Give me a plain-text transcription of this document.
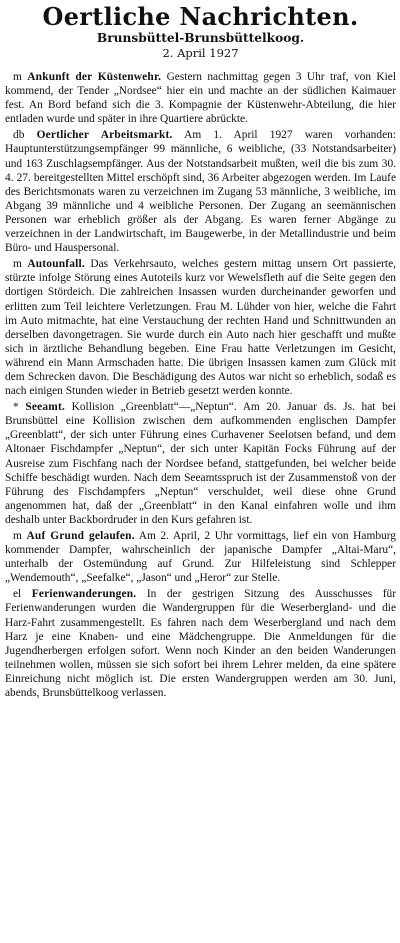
Oertliche Nachrichten.
Brunsbüttel-Brunsbüttelkoog.
2. April 1927

m Ankunft der Küstenwehr. Gestern nachmittag gegen 3 Uhr traf, von Kiel kommend, der Tender „Nordsee“ hier ein und machte an der südlichen Kaimauer fest. An Bord befand sich die 3. Kompagnie der Küstenwehr-Abteilung, die hier entladen wurde und später in ihre Quartiere abrückte.

db Oertlicher Arbeitsmarkt. Am 1. April 1927 waren vorhanden: Hauptunterstützungsempfänger 99 männliche, 6 weibliche, (33 Notstandsarbeiter) und 163 Zuschlagsempfänger. Aus der Notstandsarbeit mußten, weil die bis zum 30. 4. 27. bereitgestellten Mittel erschöpft sind, 36 Arbeiter abgezogen werden. Im Laufe des Berichtsmonats waren zu verzeichnen im Zugang 53 männliche, 3 weibliche, im Abgang 39 männliche und 4 weibliche Personen. Der Zugang an seemännischen Personen war erheblich größer als der Abgang. Es waren ferner Abgänge zu verzeichnen in der Landwirtschaft, im Baugewerbe, in der Metallindustrie und beim Büro- und Hauspersonal.

m Autounfall. Das Verkehrsauto, welches gestern mittag unsern Ort passierte, stürzte infolge Störung eines Autoteils kurz vor Wewelsfleth auf die Seite gegen den dortigen Stördeich. Die zahlreichen Insassen wurden durcheinander geworfen und erlitten zum Teil leichtere Verletzungen. Frau M. Lühder von hier, welche die Fahrt im Auto mitmachte, hat eine Verstauchung der rechten Hand und Schnittwunden an derselben davongetragen. Sie wurde durch ein Auto nach hier geschafft und mußte sich in ärztliche Behandlung begeben. Eine Frau hatte Verletzungen im Gesicht, während ein Mann Armschaden hatte. Die übrigen Insassen kamen zum Glück mit dem Schrecken davon. Die Beschädigung des Autos war nicht so erheblich, sodaß es nach einigen Stunden wieder in Betrieb gesetzt werden konnte.

* Seeamt. Kollision „Greenblatt“—„Neptun“. Am 20. Januar ds. Js. hat bei Brunsbüttel eine Kollision zwischen dem aufkommenden englischen Dampfer „Greenblatt“, der sich unter Führung eines Curhavener Seelotsen befand, und dem Altonaer Fischdampfer „Neptun“, der sich unter Kapitän Focks Führung auf der Ausreise zum Fischfang nach der Nordsee befand, stattgefunden, bei welcher beide Schiffe beschädigt wurden. Nach dem Seeamtsspruch ist der Zusammenstoß von der Führung des Fischdampfers „Neptun“ verschuldet, weil diese ohne Grund angenommen hat, daß der „Greenblatt“ in den Kanal einfahren wolle und ihm deshalb unter Backbordruder in den Kurs gefahren ist.

m Auf Grund gelaufen. Am 2. April, 2 Uhr vormittags, lief ein von Hamburg kommender Dampfer, wahrscheinlich der japanische Dampfer „Altai-Maru“, unterhalb der Ostemündung auf Grund. Zur Hilfeleistung sind Schlepper „Wendemouth“, „Seefalke“, „Jason“ und „Heror“ zur Stelle.

el Ferienwanderungen. In der gestrigen Sitzung des Ausschusses für Ferienwanderungen wurden die Wandergruppen für die Weserbergland- und die Harz-Fahrt zusammengestellt. Es fahren nach dem Weserbergland und nach dem Harz je eine Knaben- und eine Mädchengruppe. Die Anmeldungen für die Jugendherbergen erfolgen sofort. Wenn noch Kinder an den beiden Wanderungen teilnehmen wollen, müssen sie sich sofort bei ihrem Lehrer melden, da eine spätere Einreichung nicht möglich ist. Die ersten Wandergruppen werden am 30. Juni, abends, Brunsbüttelkoog verlassen.
